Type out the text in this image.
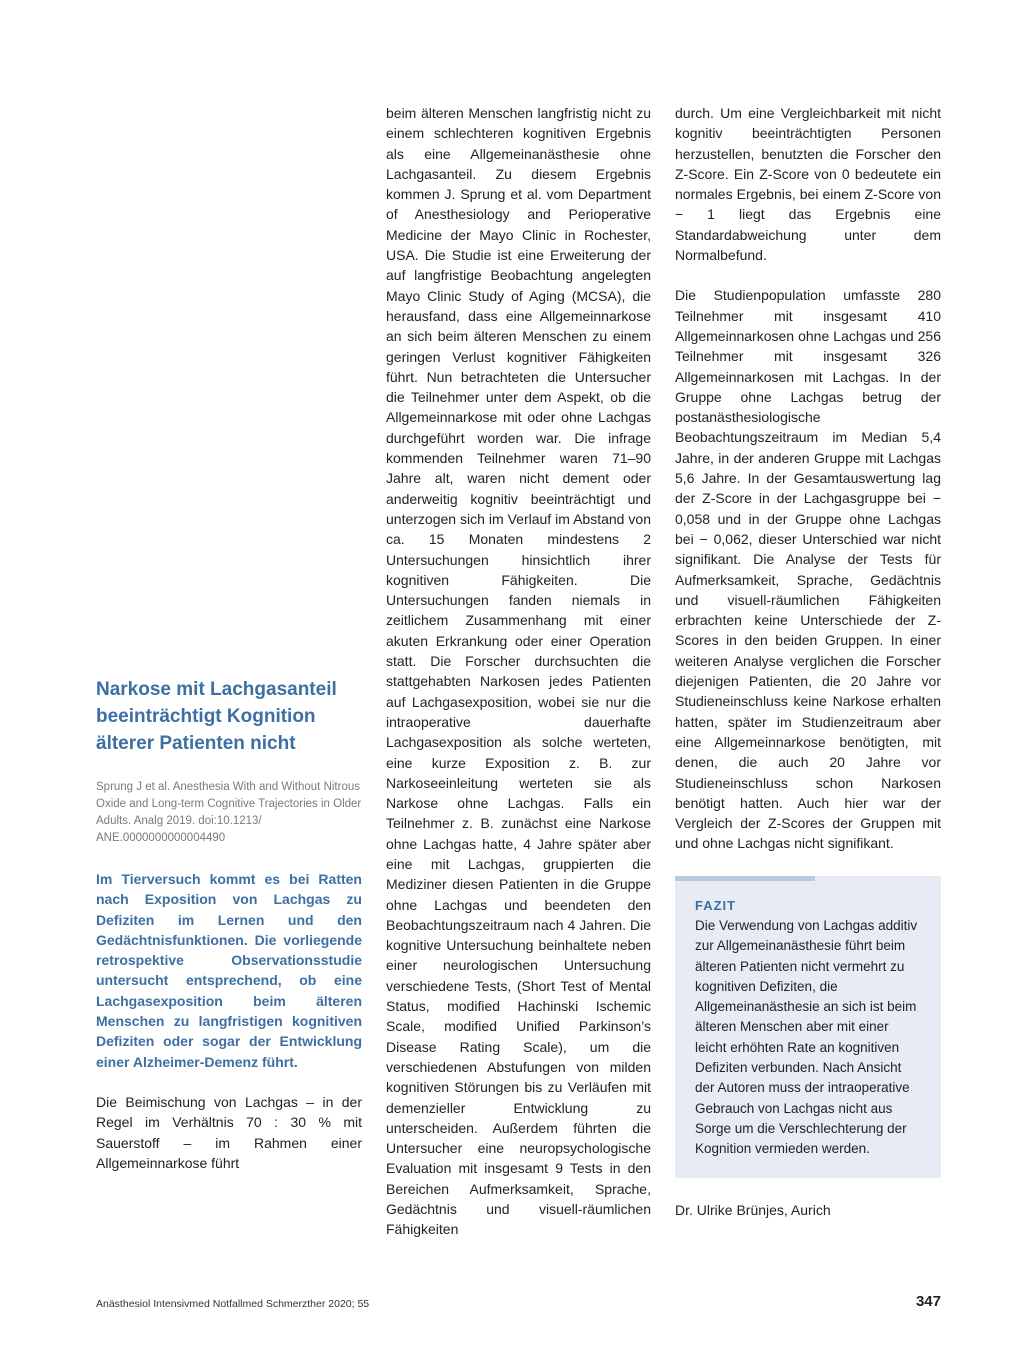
Narkose mit Lachgasanteil beeinträchtigt Kognition älterer Patienten nicht
Sprung J et al. Anesthesia With and Without Nitrous Oxide and Long-term Cognitive Trajectories in Older Adults. Analg 2019. doi:10.1213/ ANE.0000000000004490

Im Tierversuch kommt es bei Ratten nach Exposition von Lachgas zu Defiziten im Lernen und den Gedächtnisfunktionen. Die vorliegende retrospektive Observationsstudie untersucht entsprechend, ob eine Lachgasexposition beim älteren Menschen zu langfristigen kognitiven Defiziten oder sogar der Entwicklung einer Alzheimer-Demenz führt.

Die Beimischung von Lachgas – in der Regel im Verhältnis 70 : 30 % mit Sauerstoff – im Rahmen einer Allgemeinnarkose führt

beim älteren Menschen langfristig nicht zu einem schlechteren kognitiven Ergebnis als eine Allgemeinanästhesie ohne Lachgasanteil. Zu diesem Ergebnis kommen J. Sprung et al. vom Department of Anesthesiology and Perioperative Medicine der Mayo Clinic in Rochester, USA. Die Studie ist eine Erweiterung der auf langfristige Beobachtung angelegten Mayo Clinic Study of Aging (MCSA), die herausfand, dass eine Allgemeinnarkose an sich beim älteren Menschen zu einem geringen Verlust kognitiver Fähigkeiten führt. Nun betrachteten die Untersucher die Teilnehmer unter dem Aspekt, ob die Allgemeinnarkose mit oder ohne Lachgas durchgeführt worden war. Die infrage kommenden Teilnehmer waren 71–90 Jahre alt, waren nicht dement oder anderweitig kognitiv beeinträchtigt und unterzogen sich im Verlauf im Abstand von ca. 15 Monaten mindestens 2 Untersuchungen hinsichtlich ihrer kognitiven Fähigkeiten. Die Untersuchungen fanden niemals in zeitlichem Zusammenhang mit einer akuten Erkrankung oder einer Operation statt. Die Forscher durchsuchten die stattgehabten Narkosen jedes Patienten auf Lachgasexposition, wobei sie nur die intraoperative dauerhafte Lachgasexposition als solche werteten, eine kurze Exposition z. B. zur Narkoseeinleitung werteten sie als Narkose ohne Lachgas. Falls ein Teilnehmer z. B. zunächst eine Narkose ohne Lachgas hatte, 4 Jahre später aber eine mit Lachgas, gruppierten die Mediziner diesen Patienten in die Gruppe ohne Lachgas und beendeten den Beobachtungszeitraum nach 4 Jahren. Die kognitive Untersuchung beinhaltete neben einer neurologischen Untersuchung verschiedene Tests, (Short Test of Mental Status, modified Hachinski Ischemic Scale, modified Unified Parkinson’s Disease Rating Scale), um die verschiedenen Abstufungen von milden kognitiven Störungen bis zu Verläufen mit demenzieller Entwicklung zu unterscheiden. Außerdem führten die Untersucher eine neuropsychologische Evaluation mit insgesamt 9 Tests in den Bereichen Aufmerksamkeit, Sprache, Gedächtnis und visuell-räumlichen Fähigkeiten

durch. Um eine Vergleichbarkeit mit nicht kognitiv beeinträchtigten Personen herzustellen, benutzten die Forscher den Z-Score. Ein Z-Score von 0 bedeutete ein normales Ergebnis, bei einem Z-Score von − 1 liegt das Ergebnis eine Standardabweichung unter dem Normalbefund.

Die Studienpopulation umfasste 280 Teilnehmer mit insgesamt 410 Allgemeinnarkosen ohne Lachgas und 256 Teilnehmer mit insgesamt 326 Allgemeinnarkosen mit Lachgas. In der Gruppe ohne Lachgas betrug der postanästhesiologische Beobachtungszeitraum im Median 5,4 Jahre, in der anderen Gruppe mit Lachgas 5,6 Jahre. In der Gesamtauswertung lag der Z-Score in der Lachgasgruppe bei − 0,058 und in der Gruppe ohne Lachgas bei − 0,062, dieser Unterschied war nicht signifikant. Die Analyse der Tests für Aufmerksamkeit, Sprache, Gedächtnis und visuell-räumlichen Fähigkeiten erbrachten keine Unterschiede der Z-Scores in den beiden Gruppen. In einer weiteren Analyse verglichen die Forscher diejenigen Patienten, die 20 Jahre vor Studieneinschluss keine Narkose erhalten hatten, später im Studienzeitraum aber eine Allgemeinnarkose benötigten, mit denen, die auch 20 Jahre vor Studieneinschluss schon Narkosen benötigt hatten. Auch hier war der Vergleich der Z-Scores der Gruppen mit und ohne Lachgas nicht signifikant.

FAZIT
Die Verwendung von Lachgas additiv zur Allgemeinanästhesie führt beim älteren Patienten nicht vermehrt zu kognitiven Defiziten, die Allgemeinanästhesie an sich ist beim älteren Menschen aber mit einer leicht erhöhten Rate an kognitiven Defiziten verbunden. Nach Ansicht der Autoren muss der intraoperative Gebrauch von Lachgas nicht aus Sorge um die Verschlechterung der Kognition vermieden werden.
Dr. Ulrike Brünjes, Aurich
Anästhesiol Intensivmed Notfallmed Schmerzther 2020; 55	347
